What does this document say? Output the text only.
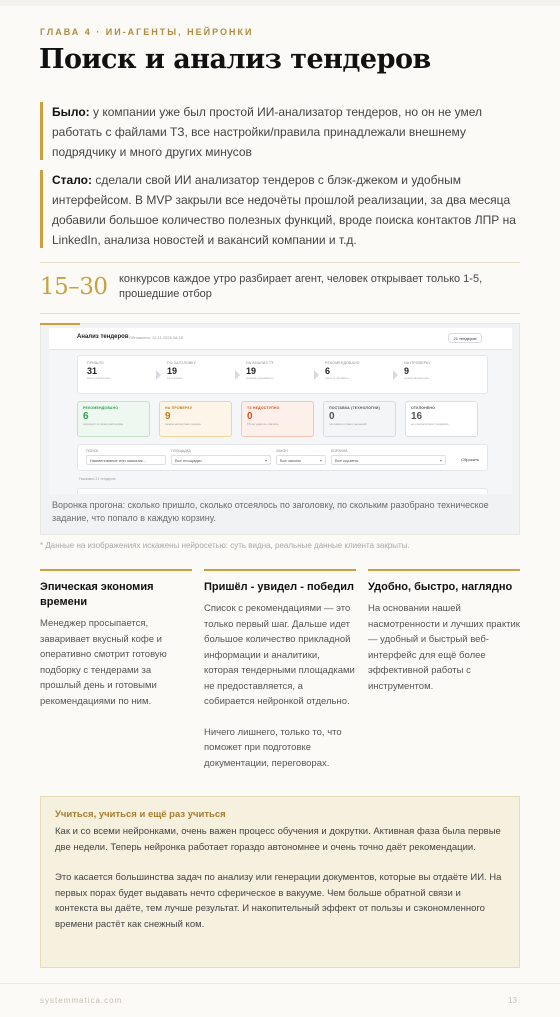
ГЛАВА 4 · ИИ-АГЕНТЫ, НЕЙРОНКИ
Поиск и анализ тендеров
Было: у компании уже был простой ИИ-анализатор тендеров, но он не умел работать с файлами ТЗ, все настройки/правила принадлежали внешнему подрядчику и много других минусов
Стало: сделали свой ИИ анализатор тендеров с блэк-джеком и удобным интерфейсом. В MVP закрыли все недочёты прошлой реализации, за два месяца добавили большое количество полезных функций, вроде поиска контактов ЛПР на LinkedIn, анализа новостей и вакансий компании и т.д.
15–30 конкурсов каждое утро разбирает агент, человек открывает только 1-5, прошедшие отбор
Анализ тендеров Обновлено: 12.11.2026 08:15	21 тендеров
ПРИШЛО
31
всего в выгрузке
ПО ЗАГОЛОВКУ
19
12 отсеяно
НА АНАЛИЗ ТЗ
19
скачаны документы
РЕКОМЕНДОВАНО
6
чисто в профиле
НА ПРОВЕРКУ
9
нужна экспертиза
РЕКОМЕНДОВАНО
6
подходит по всем критериям
НА ПРОВЕРКУ
9
нужна экспертная оценка
ТЗ НЕДОСТУПНО
0
ТЗ не удалось скачать
ПОСТАВКА (ТЕХНОЛОГИИ)
0
поставка готовых решений
ОТКЛОНЕНО
16
не соответствует профилю
ПОИСК
Наименование или заказчик...
ПЛОЩАДКА
Все площадки	▾
ЗАКОН
Все законы	▾
КОРЗИНА
Все корзины	▾	Сбросить
Показано 21 тендеров
Воронка прогона: сколько пришло, сколько отсеялось по заголовку, по скольким разобрано техническое задание, что попало в каждую корзину.
* Данные на изображениях искажены нейросетью: суть видна, реальные данные клиента закрыты.
Эпическая экономия времени

Менеджер просыпается, заваривает вкусный кофе и оперативно смотрит готовую подборку с тендерами за прошлый день и готовыми рекомендациями по ним.

Пришёл - увидел - победил

Список с рекомендациями — это только первый шаг. Дальше идет большое количество прикладной информации и аналитики, которая тендерными площадками не предоставляется, а собирается нейронкой отдельно.

Ничего лишнего, только то, что поможет при подготовке документации, переговорах.

Удобно, быстро, наглядно

На основании нашей насмотренности и лучших практик — удобный и быстрый веб-интерфейс для ещё более эффективной работы с инструментом.

Учиться, учиться и ещё раз учиться

Как и со всеми нейронками, очень важен процесс обучения и докрутки. Активная фаза была первые две недели. Теперь нейронка работает гораздо автономнее и очень точно даёт рекомендации.

Это касается большинства задач по анализу или генерации документов, которые вы отдаёте ИИ. На первых порах будет выдавать нечто сферическое в вакууме. Чем больше обратной связи и контекста вы даёте, тем лучше результат. И накопительный эффект от пользы и сэкономленного времени растёт как снежный ком.

systemmatica.com	13
